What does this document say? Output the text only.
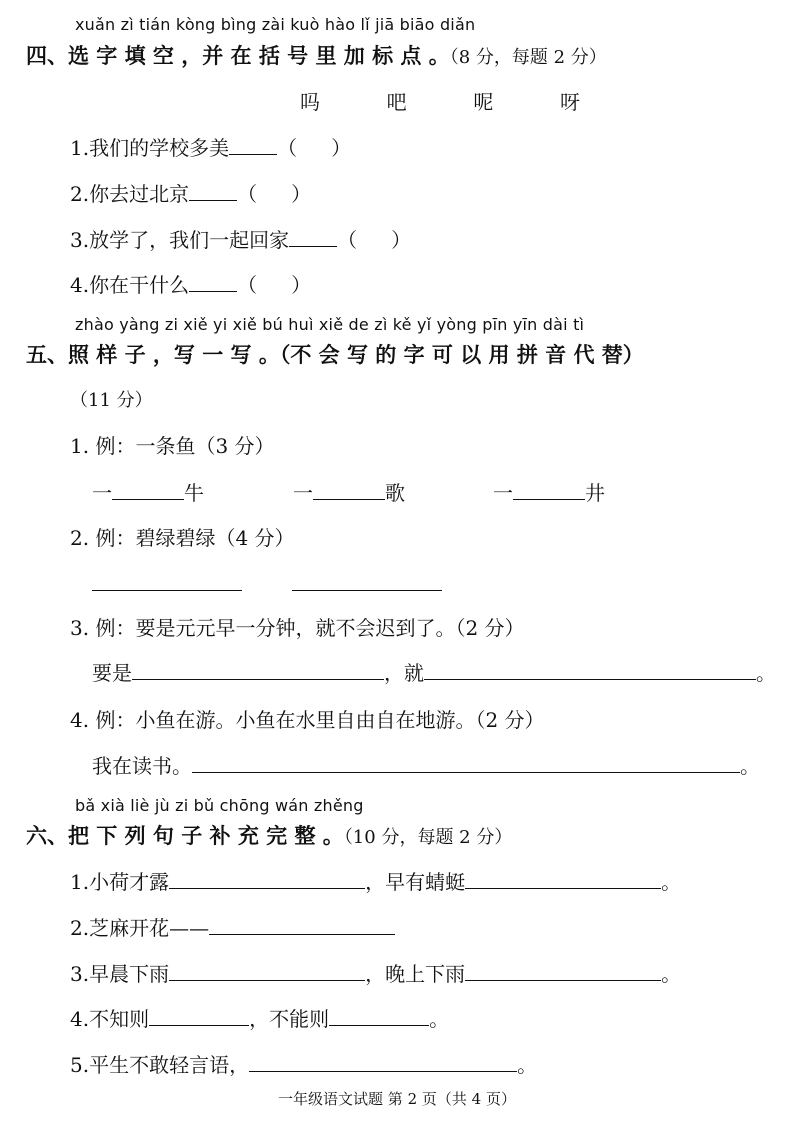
xuǎn zì tián kòng bìng zài kuò hào lǐ jiā biāo diǎn
四、选 字 填 空 ，并 在 括 号 里 加 标 点 。（8 分，每题 2 分）
吗	吧	呢	呀
1.我们的学校多美 （ ）
2.你去过北京 （ ）
3.放学了，我们一起回家 （ ）
4.你在干什么 （ ）
zhào yàng zi xiě yi xiě bú huì xiě de zì kě yǐ yòng pīn yīn dài tì
五、照 样 子 ，写 一 写 。（不 会 写 的 字 可 以 用 拼 音 代 替）
（11 分）
1. 例：一条鱼（3 分）
一	牛	一	歌	一	井
2. 例：碧绿碧绿（4 分）
3. 例：要是元元早一分钟，就不会迟到了。（2 分）
要是	，就	。
4. 例：小鱼在游。小鱼在水里自由自在地游。（2 分）
我在读书。	。
bǎ xià liè jù zi bǔ chōng wán zhěng
六、把 下 列 句 子 补 充 完 整 。（10 分，每题 2 分）
1.小荷才露	，早有蜻蜓	。
2.芝麻开花——
3.早晨下雨	，晚上下雨	。
4.不知则	，不能则	。
5.平生不敢轻言语，	。
一年级语文试题 第 2 页（共 4 页）
